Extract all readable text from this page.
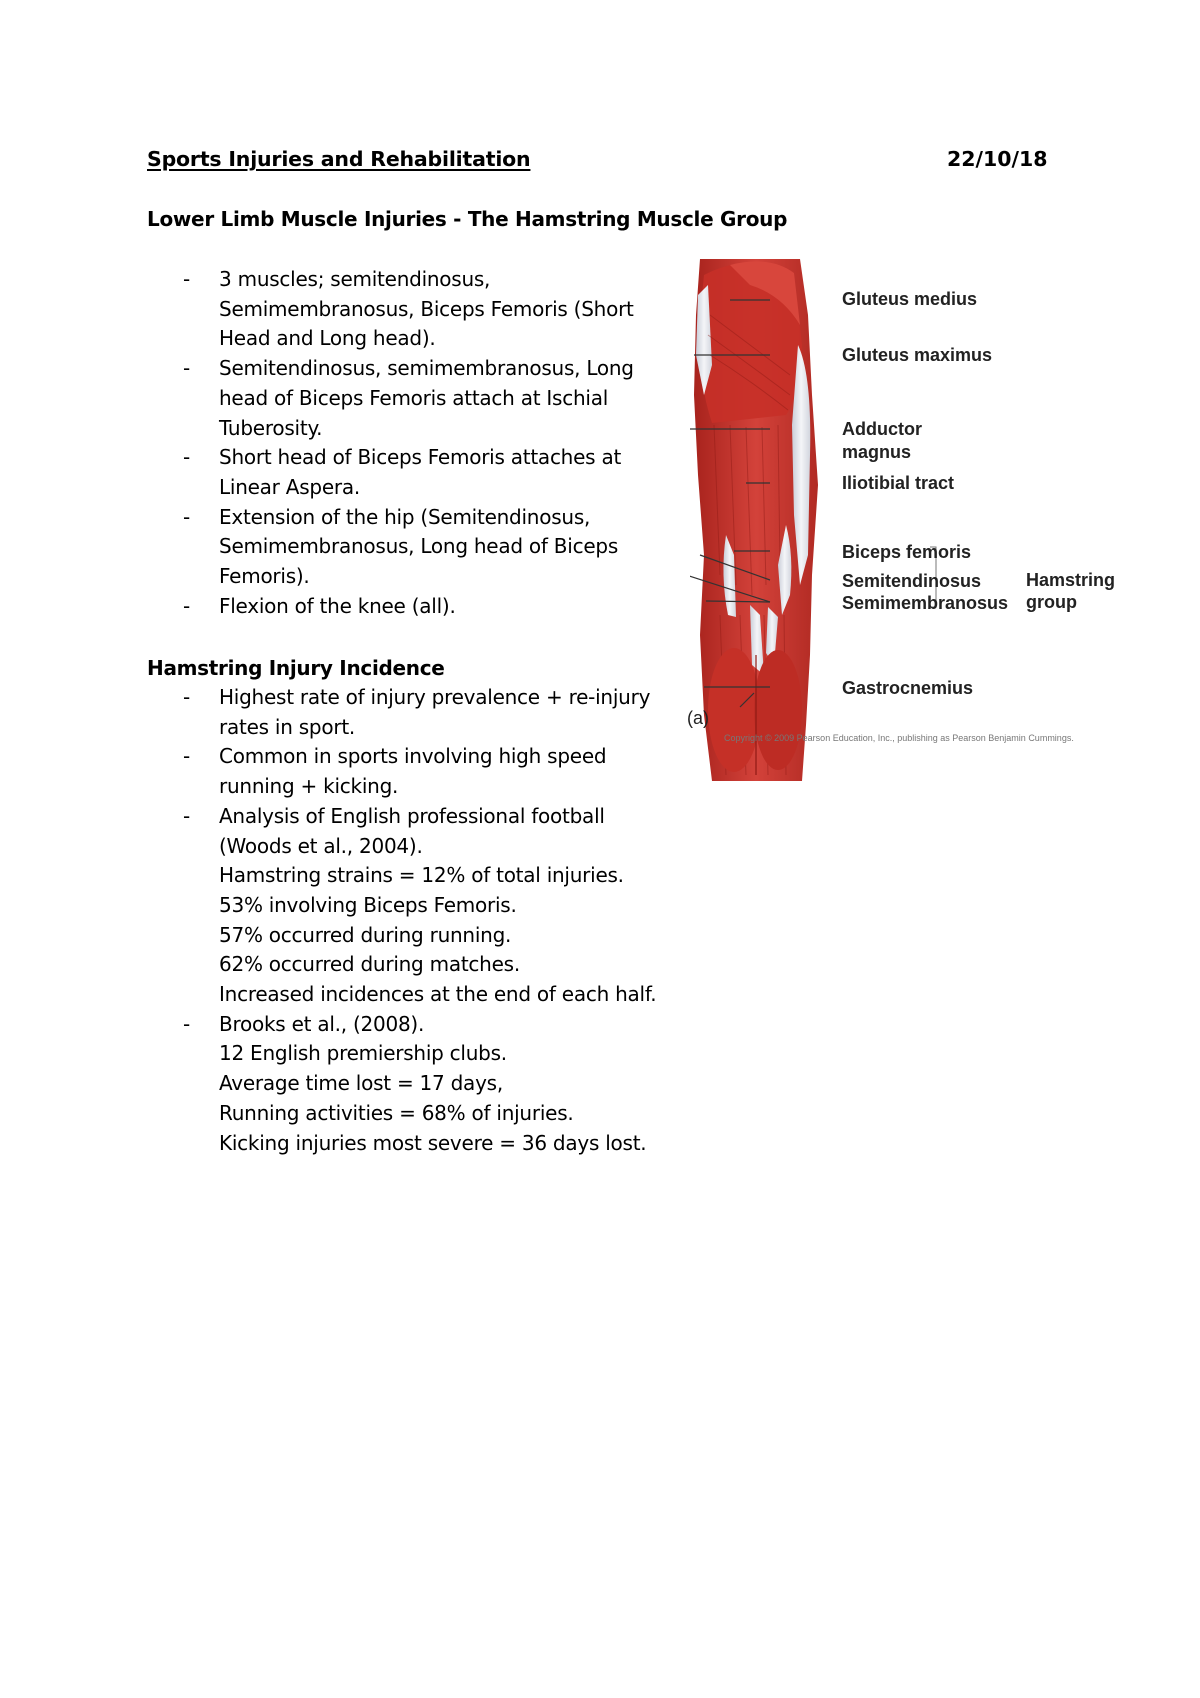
Sports Injuries and Rehabilitation	22/10/18
Lower Limb Muscle Injuries - The Hamstring Muscle Group
- 3 muscles; semitendinosus,
Semimembranosus, Biceps Femoris (Short
Head and Long head).
- Semitendinosus, semimembranosus, Long
head of Biceps Femoris attach at Ischial
Tuberosity.
- Short head of Biceps Femoris attaches at
Linear Aspera.
- Extension of the hip (Semitendinosus,
Semimembranosus, Long head of Biceps
Femoris).
- Flexion of the knee (all).
Hamstring Injury Incidence
- Highest rate of injury prevalence + re-injury
rates in sport.
- Common in sports involving high speed
running + kicking.
- Analysis of English professional football
(Woods et al., 2004).
Hamstring strains = 12% of total injuries.
53% involving Biceps Femoris.
57% occurred during running.
62% occurred during matches.
Increased incidences at the end of each half.
- Brooks et al., (2008).
12 English premiership clubs.
Average time lost = 17 days,
Running activities = 68% of injuries.
Kicking injuries most severe = 36 days lost.
Gluteus medius
Gluteus maximus
Adductor
magnus
Iliotibial tract
Biceps femoris
Semitendinosus
Semimembranosus
Hamstring
group
Gastrocnemius
(a)
Copyright © 2009 Pearson Education, Inc., publishing as Pearson Benjamin Cummings.
